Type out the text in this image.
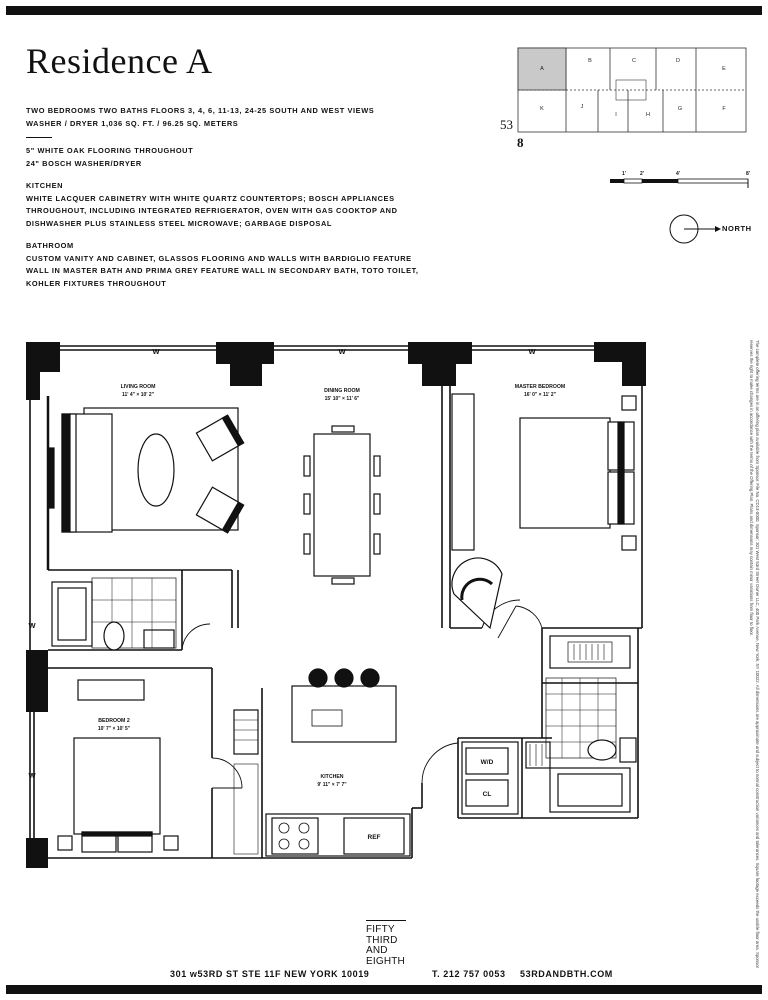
Residence A
TWO BEDROOMS TWO BATHS FLOORS 3, 4, 6, 11-13, 24-25 SOUTH AND WEST VIEWS
WASHER / DRYER 1,036 SQ. FT. / 96.25 SQ. METERS
5" WHITE OAK FLOORING THROUGHOUT
24" BOSCH WASHER/DRYER
KITCHEN
WHITE LACQUER CABINETRY WITH WHITE QUARTZ COUNTERTOPS; BOSCH APPLIANCES
THROUGHOUT, INCLUDING INTEGRATED REFRIGERATOR, OVEN WITH GAS COOKTOP AND
DISHWASHER PLUS STAINLESS STEEL MICROWAVE; GARBAGE DISPOSAL
BATHROOM
CUSTOM VANITY AND CABINET, GLASSOS FLOORING AND WALLS WITH BARDIGLIO FEATURE
WALL IN MASTER BATH AND PRIMA GREY FEATURE WALL IN SECONDARY BATH, TOTO TOILET,
KOHLER FIXTURES THROUGHOUT
A
B	C	D
E
K	J
I	H
G	F
53
8
1'	2'	4'	8'
NORTH
W	W	W
W
W
LIVING ROOM
11' 4" × 10' 2"
DINING ROOM
15' 10" × 11' 6"
MASTER BEDROOM
16' 0" × 11' 2"
BEDROOM 2
10' 7" × 10' 5"
KITCHEN
9' 11" × 7' 7"
W/D
CL
REF	The complete offering terms are in an offering plan available from Sponsor. File No. CD13-0000. Sponsor: 301 West 53rd Street Owner LLC, 400 Park Avenue, New York, NY 10022. All dimensions are approximate and subject to normal construction variances and tolerances. Square footage exceeds the usable floor area. Sponsor reserves the right to make changes in accordance with the terms of the Offering Plan. Plans and dimensions may contain minor variations from floor to floor.
FIFTY
THIRD
AND
EIGHTH
301 w53RD ST STE 11F NEW YORK 10019	T. 212 757 0053 53RDANDBTH.COM
